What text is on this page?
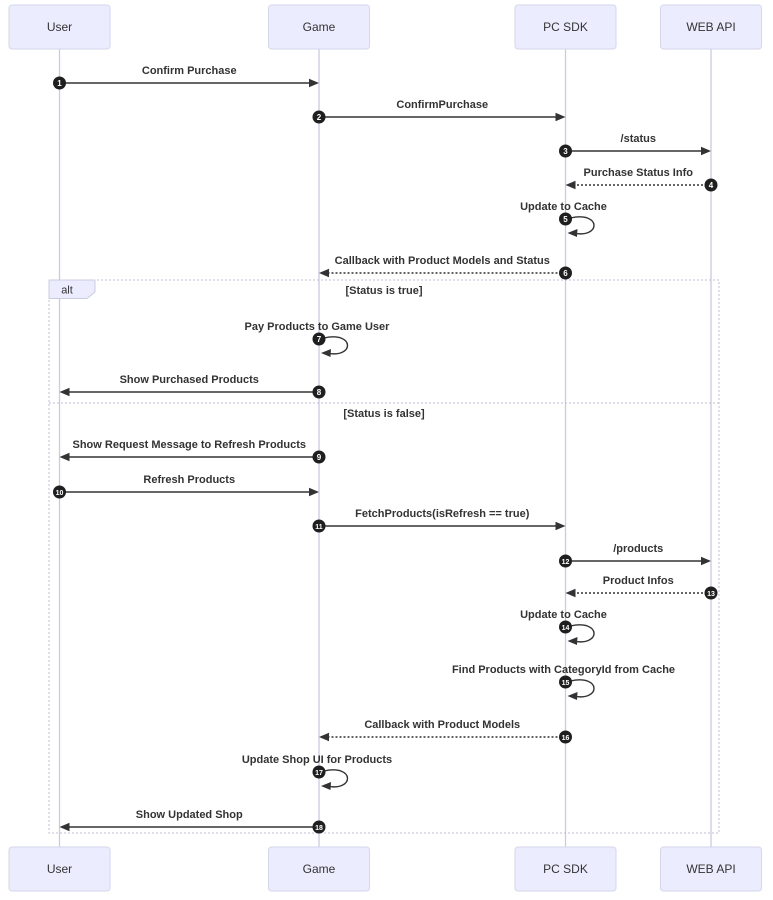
alt	[Status is true]
[Status is false]
Confirm Purchase
1
ConfirmPurchase
2
/status
3
Purchase Status Info
4
Update to Cache
5
Callback with Product Models and Status
6
Pay Products to Game User
7
Show Purchased Products
8
Show Request Message to Refresh Products
9
Refresh Products
10
FetchProducts(isRefresh == true)
11
/products
12
Product Infos
13
Update to Cache
14
Find Products with CategoryId from Cache
15
Callback with Product Models
16
Update Shop UI for Products
17
Show Updated Shop
18
User	Game	PC SDK	WEB API
User	Game	PC SDK	WEB API
